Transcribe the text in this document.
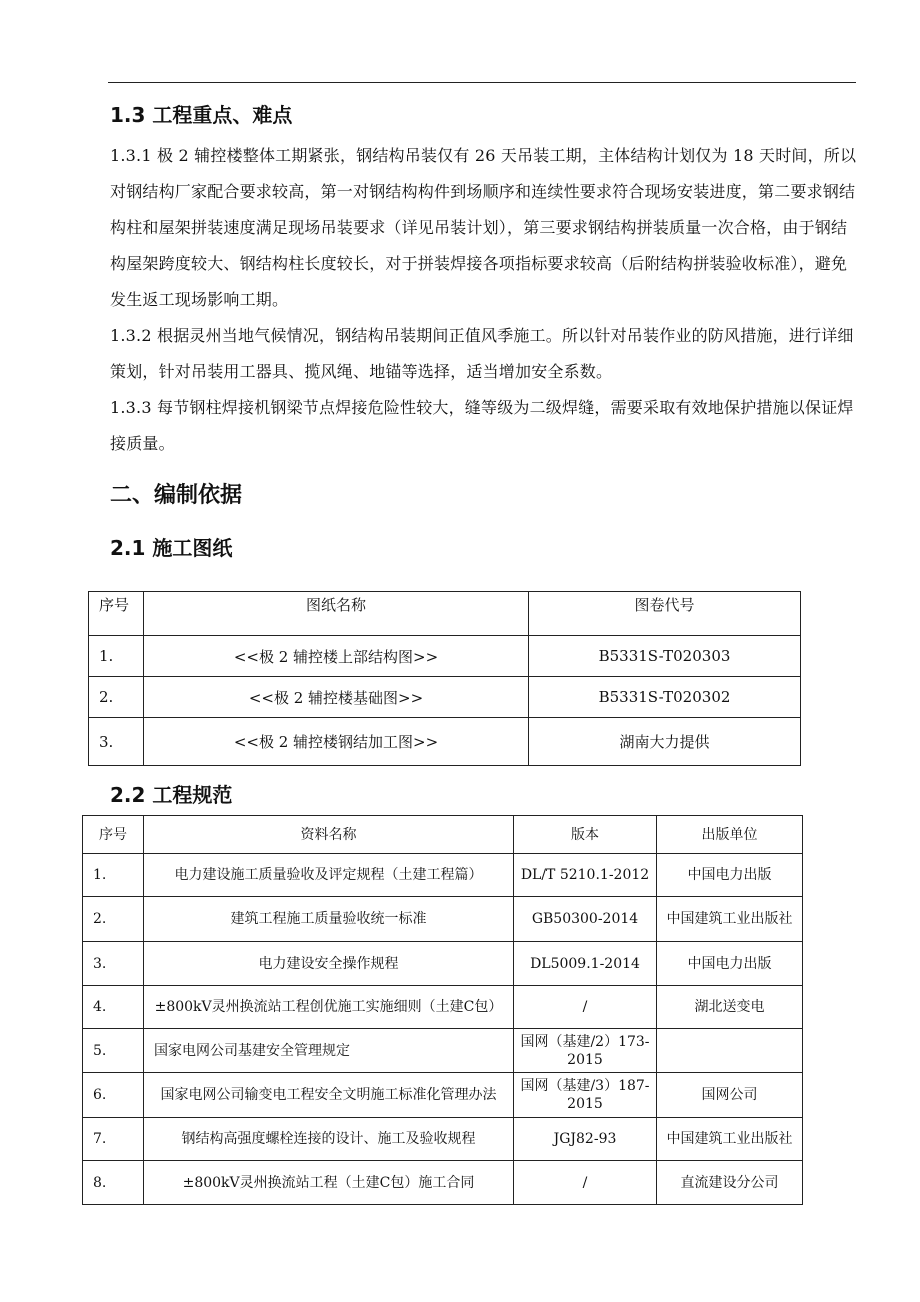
1.3 工程重点、难点

1.3.1 极 2 辅控楼整体工期紧张，钢结构吊装仅有 26 天吊装工期，主体结构计划仅为 18 天时间，所以对钢结构厂家配合要求较高，第一对钢结构构件到场顺序和连续性要求符合现场安装进度，第二要求钢结构柱和屋架拼装速度满足现场吊装要求（详见吊装计划），第三要求钢结构拼装质量一次合格，由于钢结构屋架跨度较大、钢结构柱长度较长，对于拼装焊接各项指标要求较高（后附结构拼装验收标准），避免发生返工现场影响工期。

1.3.2 根据灵州当地气候情况，钢结构吊装期间正值风季施工。所以针对吊装作业的防风措施，进行详细策划，针对吊装用工器具、揽风绳、地锚等选择，适当增加安全系数。

1.3.3 每节钢柱焊接机钢梁节点焊接危险性较大，缝等级为二级焊缝，需要采取有效地保护措施以保证焊接质量。

二、编制依据
2.1 施工图纸
序号	图纸名称	图卷代号
1.	<<极 2 辅控楼上部结构图>>	B5331S-T020303
2.	<<极 2 辅控楼基础图>>	B5331S-T020302
3.	<<极 2 辅控楼钢结加工图>>	湖南大力提供
2.2 工程规范
序号	资料名称	版本	出版单位
1.	电力建设施工质量验收及评定规程（土建工程篇）	DL/T 5210.1-2012	中国电力出版
2.	建筑工程施工质量验收统一标准	GB50300-2014	中国建筑工业出版社
3.	电力建设安全操作规程	DL5009.1-2014	中国电力出版
4.	±800kV灵州换流站工程创优施工实施细则（土建C包）	/	湖北送变电
5.	国家电网公司基建安全管理规定	国网（基建/2）173-2015	
6.	国家电网公司输变电工程安全文明施工标准化管理办法	国网（基建/3）187-2015	国网公司
7.	钢结构高强度螺栓连接的设计、施工及验收规程	JGJ82-93	中国建筑工业出版社
8.	±800kV灵州换流站工程（土建C包）施工合同	/	直流建设分公司
